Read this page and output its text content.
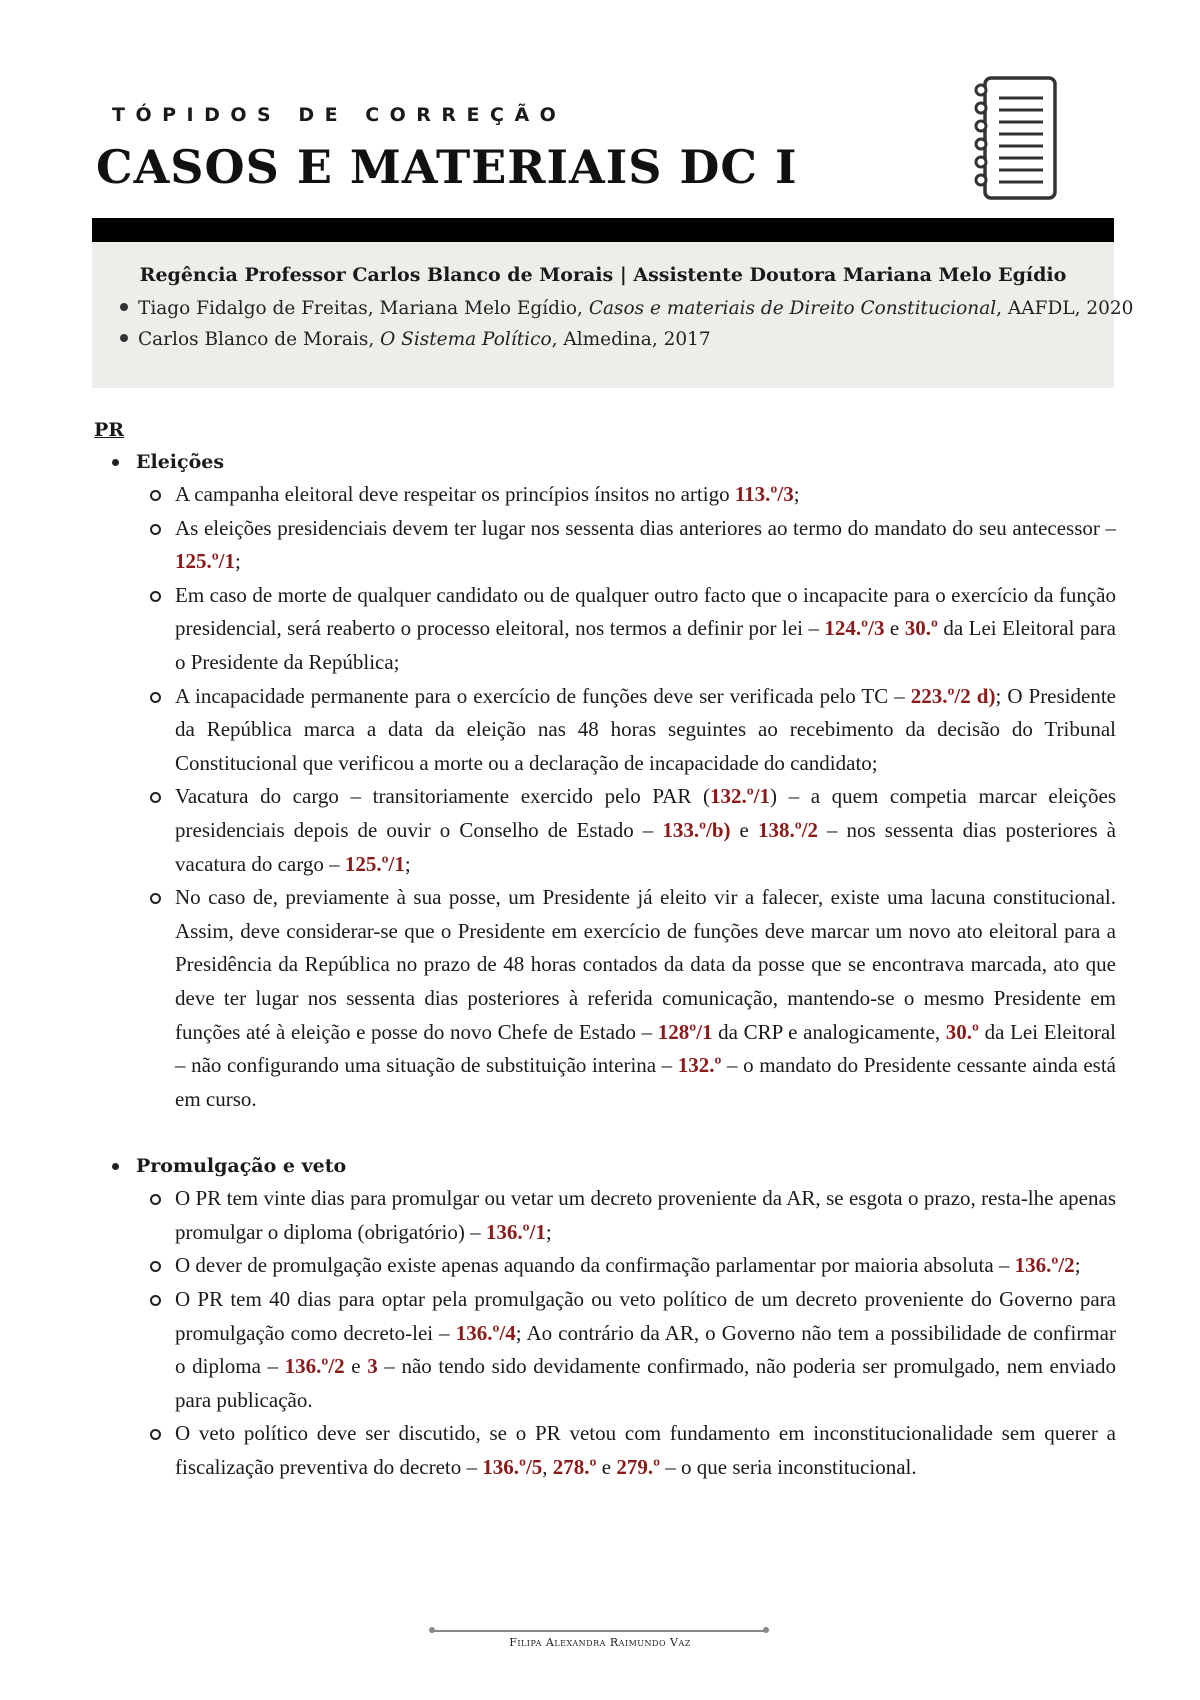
TÓPIDOS DE CORREÇÃO
CASOS E MATERIAIS DC I
Regência Professor Carlos Blanco de Morais | Assistente Doutora Mariana Melo Egídio
Tiago Fidalgo de Freitas, Mariana Melo Egídio, Casos e materiais de Direito Constitucional, AAFDL, 2020
Carlos Blanco de Morais, O Sistema Político, Almedina, 2017
PR
Eleições
A campanha eleitoral deve respeitar os princípios ínsitos no artigo 113.º/3;
As eleições presidenciais devem ter lugar nos sessenta dias anteriores ao termo do mandato do seu antecessor – 125.º/1;
Em caso de morte de qualquer candidato ou de qualquer outro facto que o incapacite para o exercício da função presidencial, será reaberto o processo eleitoral, nos termos a definir por lei – 124.º/3 e 30.º da Lei Eleitoral para o Presidente da República;
A incapacidade permanente para o exercício de funções deve ser verificada pelo TC – 223.º/2 d); O Presidente da República marca a data da eleição nas 48 horas seguintes ao recebimento da decisão do Tribunal Constitucional que verificou a morte ou a declaração de incapacidade do candidato;
Vacatura do cargo – transitoriamente exercido pelo PAR (132.º/1) – a quem competia marcar eleições presidenciais depois de ouvir o Conselho de Estado – 133.º/b) e 138.º/2 – nos sessenta dias posteriores à vacatura do cargo – 125.º/1;
No caso de, previamente à sua posse, um Presidente já eleito vir a falecer, existe uma lacuna constitucional. Assim, deve considerar-se que o Presidente em exercício de funções deve marcar um novo ato eleitoral para a Presidência da República no prazo de 48 horas contados da data da posse que se encontrava marcada, ato que deve ter lugar nos sessenta dias posteriores à referida comunicação, mantendo-se o mesmo Presidente em funções até à eleição e posse do novo Chefe de Estado – 128º/1 da CRP e analogicamente, 30.º da Lei Eleitoral – não configurando uma situação de substituição interina – 132.º – o mandato do Presidente cessante ainda está em curso.
Promulgação e veto
O PR tem vinte dias para promulgar ou vetar um decreto proveniente da AR, se esgota o prazo, resta-lhe apenas promulgar o diploma (obrigatório) – 136.º/1;
O dever de promulgação existe apenas aquando da confirmação parlamentar por maioria absoluta – 136.º/2;
O PR tem 40 dias para optar pela promulgação ou veto político de um decreto proveniente do Governo para promulgação como decreto-lei – 136.º/4; Ao contrário da AR, o Governo não tem a possibilidade de confirmar o diploma – 136.º/2 e 3 – não tendo sido devidamente confirmado, não poderia ser promulgado, nem enviado para publicação.
O veto político deve ser discutido, se o PR vetou com fundamento em inconstitucionalidade sem querer a fiscalização preventiva do decreto – 136.º/5, 278.º e 279.º – o que seria inconstitucional.
Filipa Alexandra Raimundo Vaz
